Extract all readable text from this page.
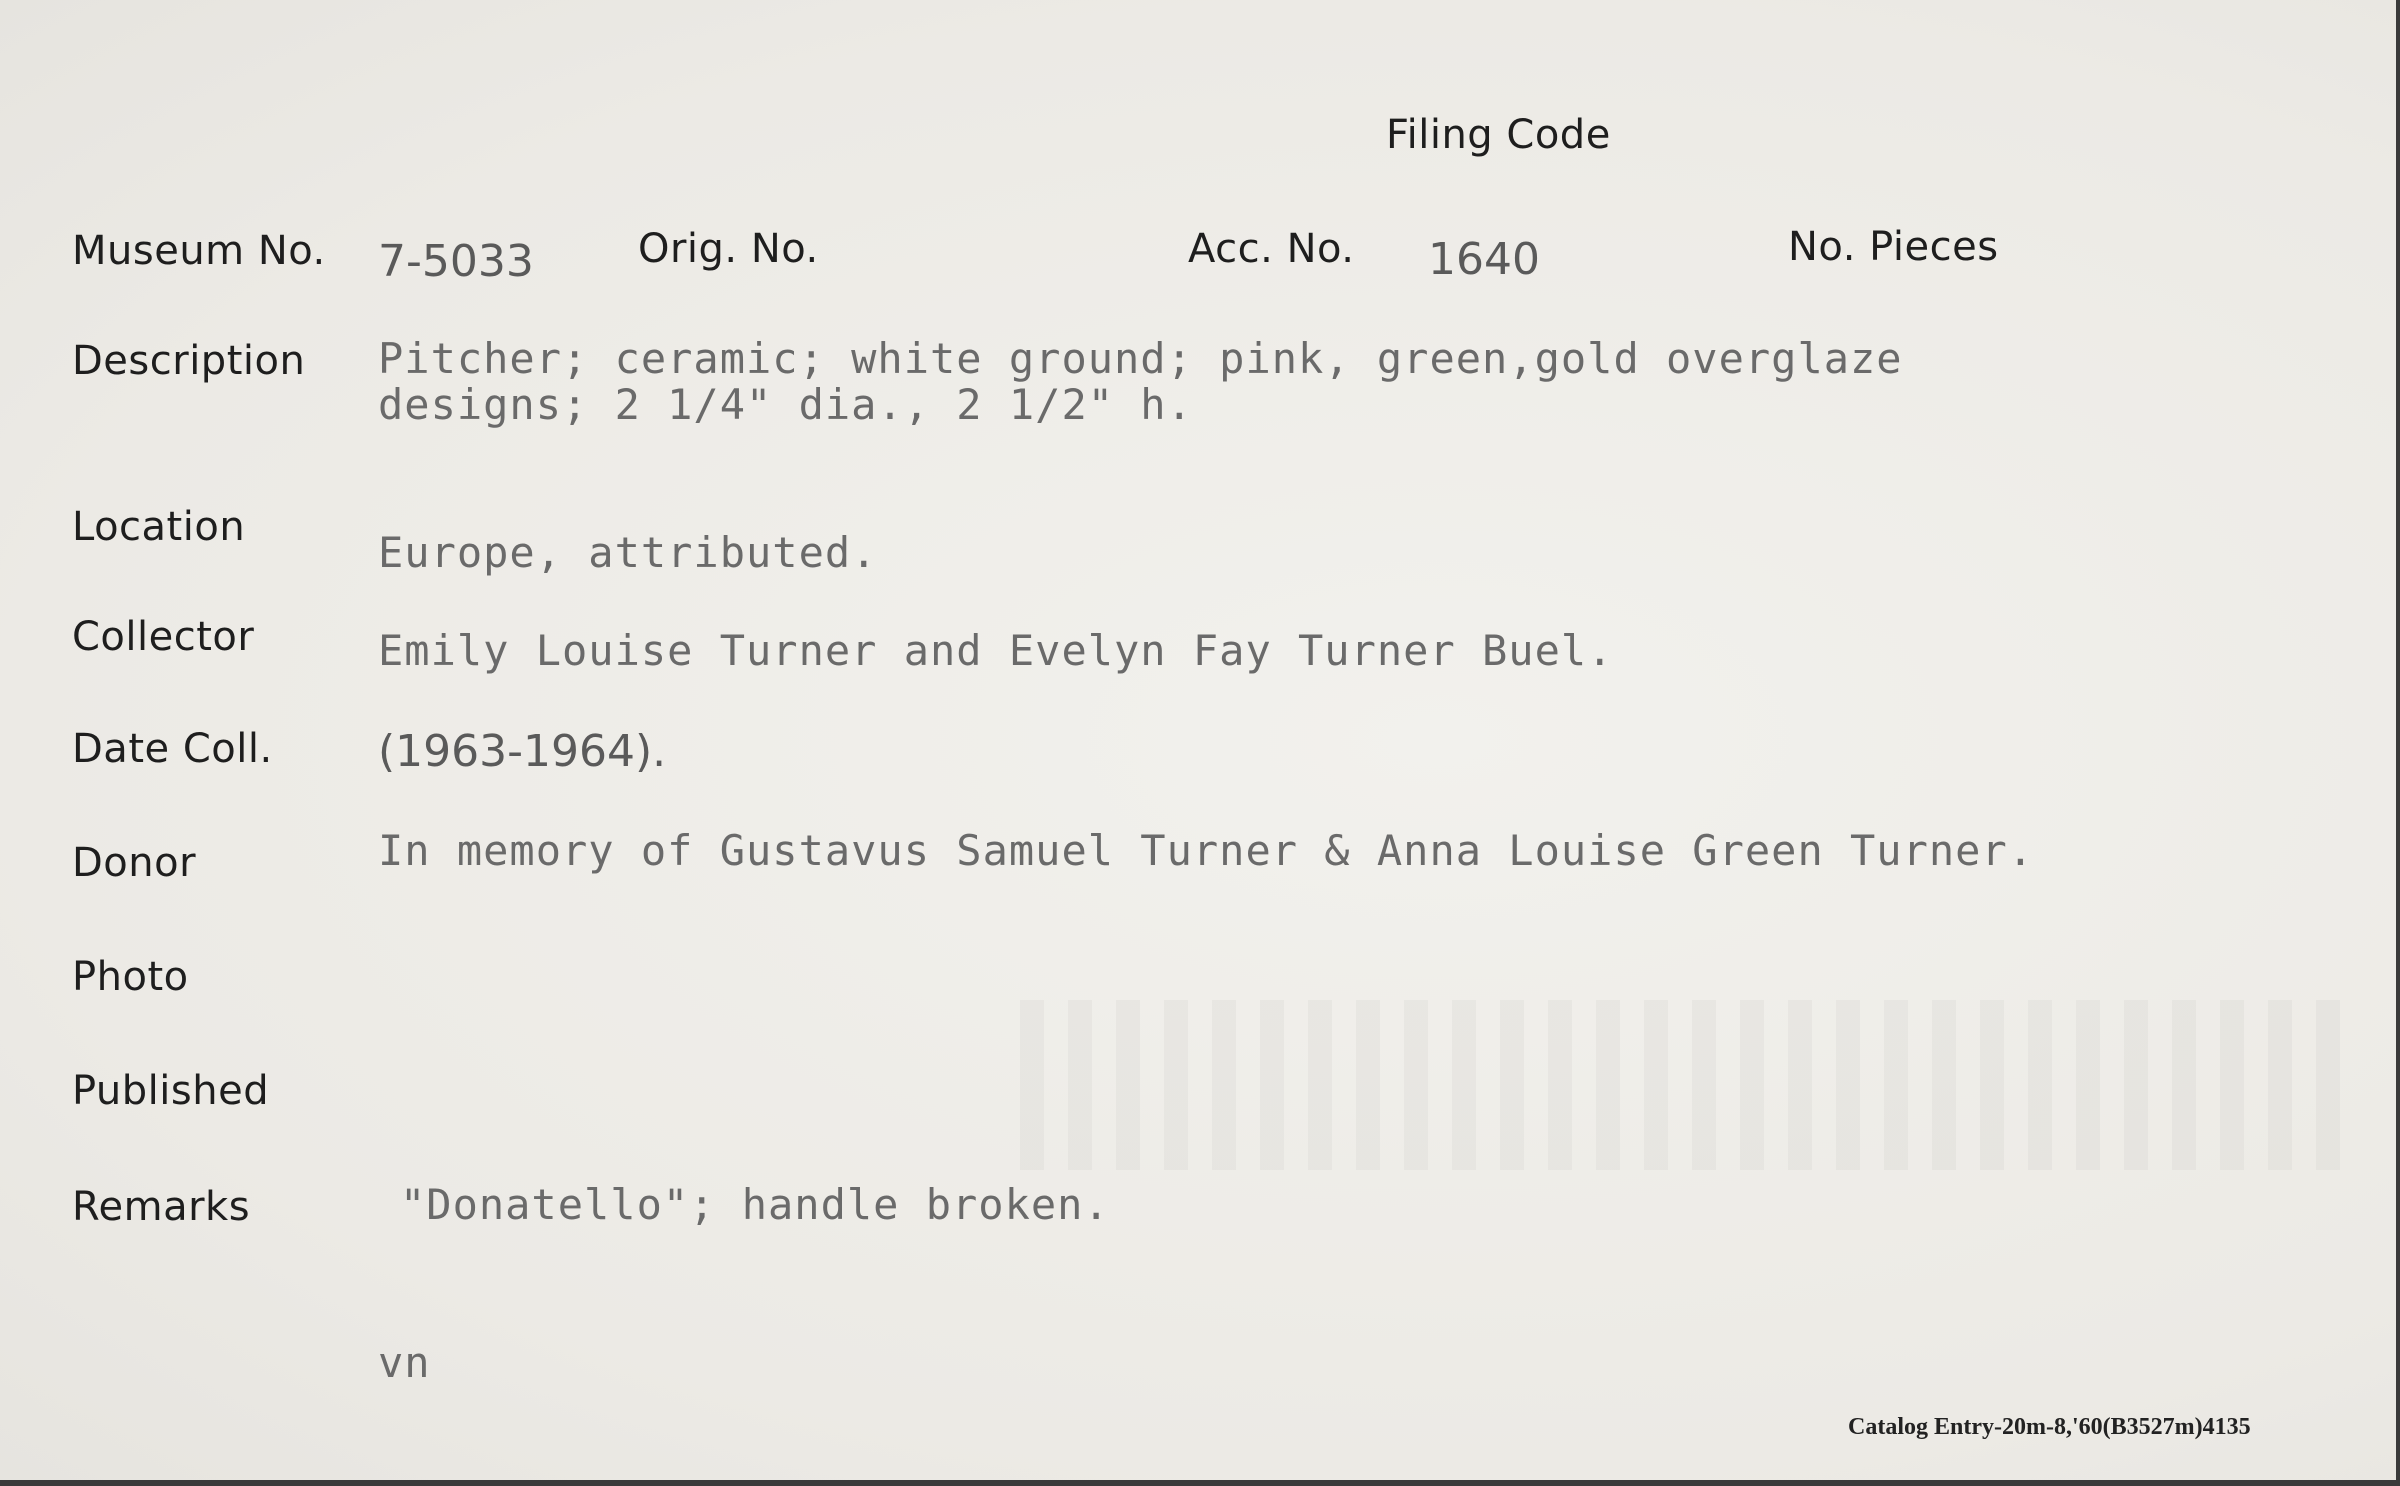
Filing Code
Museum No. 7-5033	Orig. No.	Acc. No. 1640	No. Pieces
Description Pitcher; ceramic; white ground; pink, green,gold overglaze
designs; 2 1/4" dia., 2 1/2" h.
Location
Europe, attributed.
Collector	Emily Louise Turner and Evelyn Fay Turner Buel.
Date Coll. (1963-1964).
Donor	In memory of Gustavus Samuel Turner & Anna Louise Green Turner.
Photo
Published
Remarks	"Donatello"; handle broken.
vn
Catalog Entry-20m-8,'60(B3527m)4135
